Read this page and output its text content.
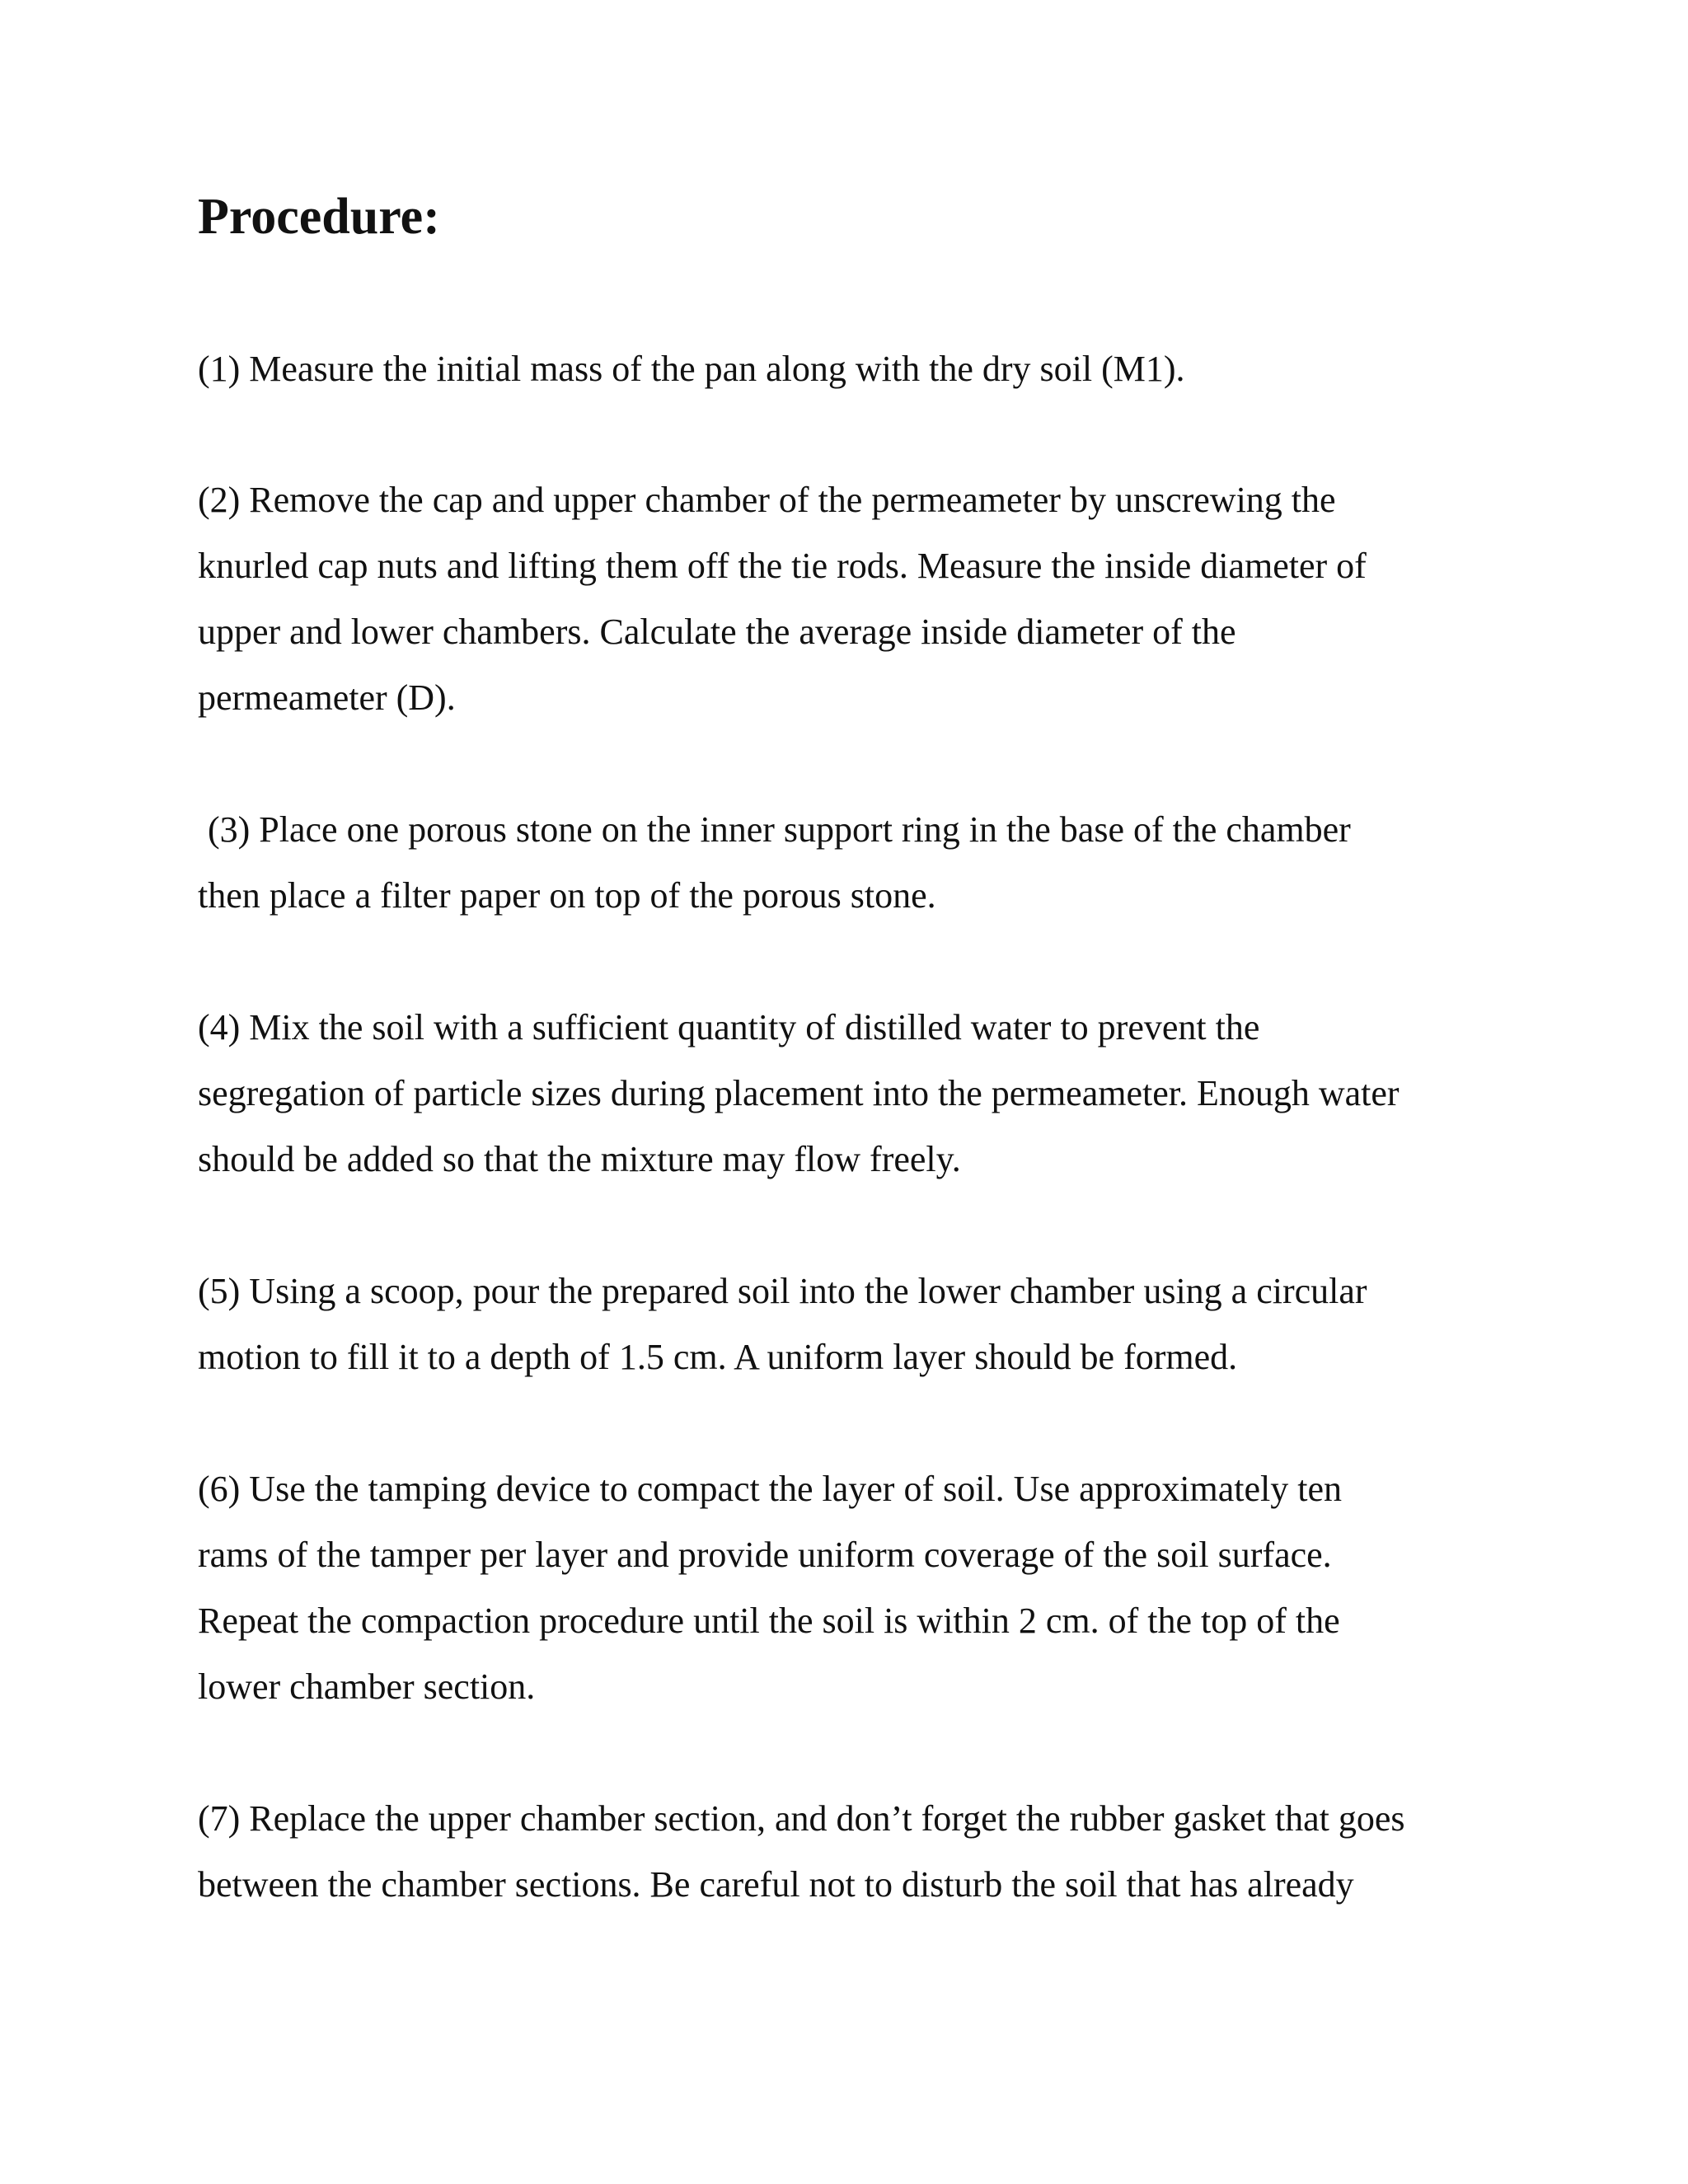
Procedure:

(1) Measure the initial mass of the pan along with the dry soil (M1).

(2) Remove the cap and upper chamber of the permeameter by unscrewing the

knurled cap nuts and lifting them off the tie rods. Measure the inside diameter of

upper and lower chambers. Calculate the average inside diameter of the

permeameter (D).

(3) Place one porous stone on the inner support ring in the base of the chamber

then place a filter paper on top of the porous stone.

(4) Mix the soil with a sufficient quantity of distilled water to prevent the

segregation of particle sizes during placement into the permeameter. Enough water

should be added so that the mixture may flow freely.

(5) Using a scoop, pour the prepared soil into the lower chamber using a circular

motion to fill it to a depth of 1.5 cm. A uniform layer should be formed.

(6) Use the tamping device to compact the layer of soil. Use approximately ten

rams of the tamper per layer and provide uniform coverage of the soil surface.

Repeat the compaction procedure until the soil is within 2 cm. of the top of the

lower chamber section.

(7) Replace the upper chamber section, and don’t forget the rubber gasket that goes

between the chamber sections. Be careful not to disturb the soil that has already
